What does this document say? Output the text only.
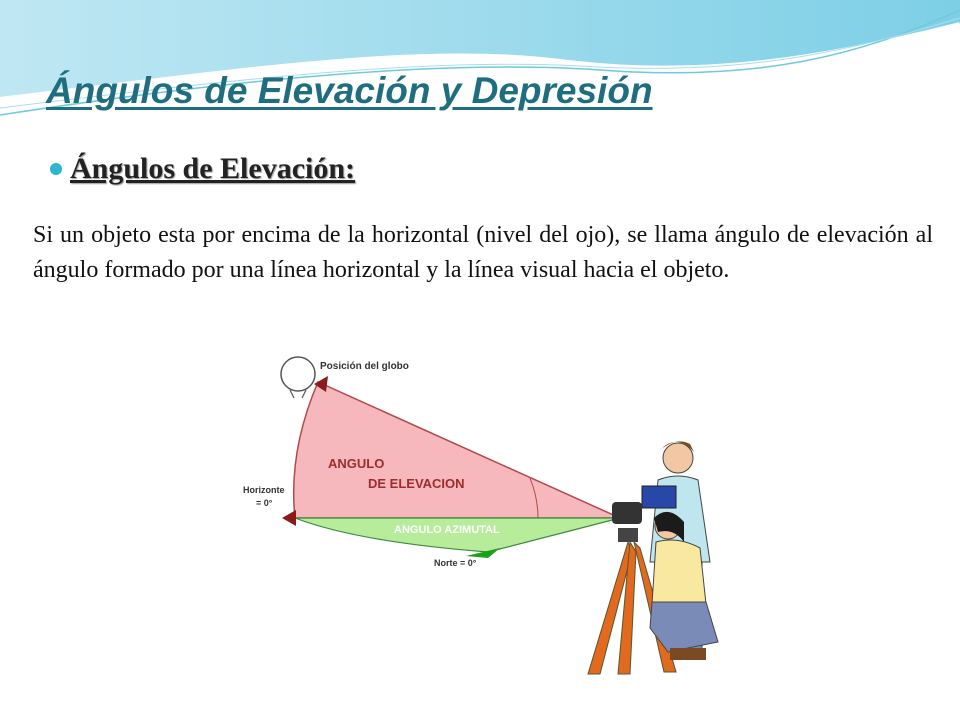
Ángulos de Elevación y Depresión
Ángulos de Elevación:

Si un objeto esta por encima de la horizontal (nivel del ojo), se llama ángulo de elevación al ángulo formado por una línea horizontal y la línea visual hacia el objeto.

Posición del globo
ANGULO
DE ELEVACION
ANGULO AZIMUTAL
Horizonte
= 0°
Norte = 0°
